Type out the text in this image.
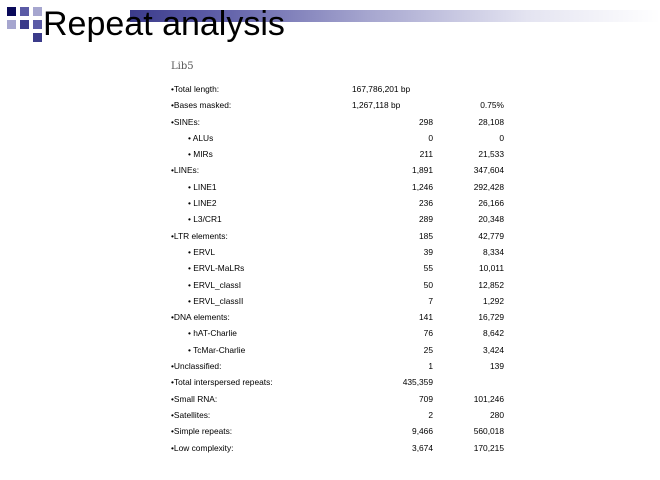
Repeat analysis
Lib5
•Total length:	167,786,201 bp
•Bases masked:	1,267,118 bp	0.75%
•SINEs:	298	28,108
• ALUs	0	0
• MIRs	211	21,533
•LINEs:	1,891	347,604
• LINE1	1,246	292,428
• LINE2	236	26,166
• L3/CR1	289	20,348
•LTR elements:	185	42,779
• ERVL	39	8,334
• ERVL-MaLRs	55	10,011
• ERVL_classI	50	12,852
• ERVL_classII	7	1,292
•DNA elements:	141	16,729
• hAT-Charlie	76	8,642
• TcMar-Charlie	25	3,424
•Unclassified:	1	139
•Total interspersed repeats:	435,359
•Small RNA:	709	101,246
•Satellites:	2	280
•Simple repeats:	9,466	560,018
•Low complexity:	3,674	170,215
